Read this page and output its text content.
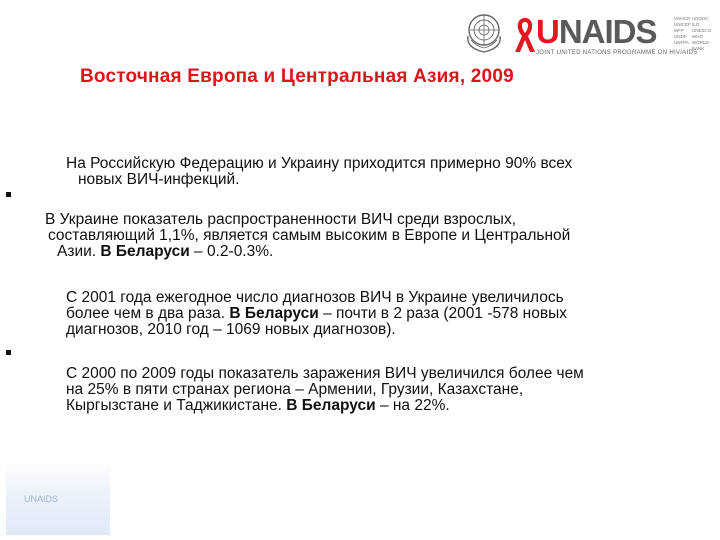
UNAIDS
JOINT UNITED NATIONS PROGRAMME ON HIV/AIDS
UNHCR
UNICEF
WFP
UNDP
UNFPA
UNODC
ILO
UNESCO
WHO
WORLD BANK
Восточная Европа и Центральная Азия, 2009
На Российскую Федерацию и Украину приходится примерно 90% всех
новых ВИЧ-инфекций.
В Украине показатель распространенности ВИЧ среди взрослых,
составляющий 1,1%, является самым высоким в Европе и Центральной
Азии. В Беларуси – 0.2-0.3%.
С 2001 года ежегодное число диагнозов ВИЧ в Украине увеличилось
более чем в два раза. В Беларуси – почти в 2 раза (2001 -578 новых
диагнозов, 2010 год – 1069 новых диагнозов).
С 2000 по 2009 годы показатель заражения ВИЧ увеличился более чем
на 25% в пяти странах региона – Армении, Грузии, Казахстане,
Кыргызстане и Таджикистане. В Беларуси – на 22%.
UNAIDS
